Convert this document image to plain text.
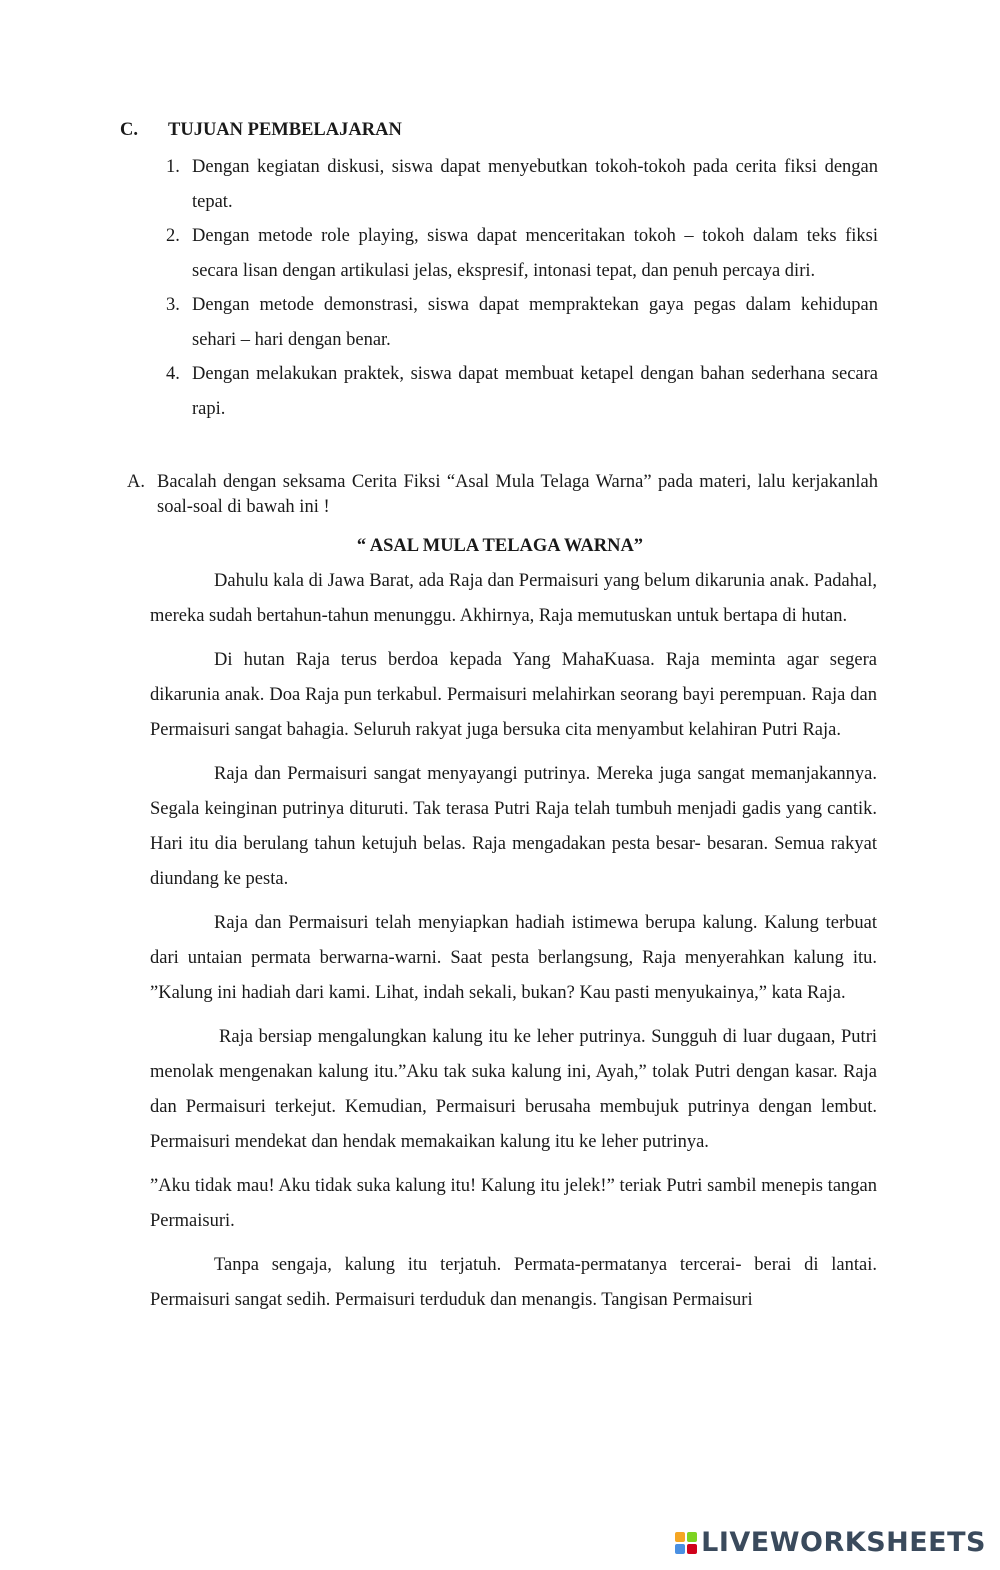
C. TUJUAN PEMBELAJARAN
1. Dengan kegiatan diskusi, siswa dapat menyebutkan tokoh-tokoh pada cerita fiksi dengan tepat.
2. Dengan metode role playing, siswa dapat menceritakan tokoh – tokoh dalam teks fiksi secara lisan dengan artikulasi jelas, ekspresif, intonasi tepat, dan penuh percaya diri.
3. Dengan metode demonstrasi, siswa dapat mempraktekan gaya pegas dalam kehidupan sehari – hari dengan benar.
4. Dengan melakukan praktek, siswa dapat membuat ketapel dengan bahan sederhana secara rapi.
A. Bacalah dengan seksama Cerita Fiksi “Asal Mula Telaga Warna” pada materi, lalu kerjakanlah soal-soal di bawah ini !
“ ASAL MULA TELAGA WARNA”

Dahulu kala di Jawa Barat, ada Raja dan Permaisuri yang belum dikarunia anak. Padahal, mereka sudah bertahun-tahun menunggu. Akhirnya, Raja memutuskan untuk bertapa di hutan.

Di hutan Raja terus berdoa kepada Yang MahaKuasa. Raja meminta agar segera dikarunia anak. Doa Raja pun terkabul. Permaisuri melahirkan seorang bayi perempuan. Raja dan Permaisuri sangat bahagia. Seluruh rakyat juga bersuka cita menyambut kelahiran Putri Raja.

Raja dan Permaisuri sangat menyayangi putrinya. Mereka juga sangat memanjakannya. Segala keinginan putrinya dituruti. Tak terasa Putri Raja telah tumbuh menjadi gadis yang cantik. Hari itu dia berulang tahun ketujuh belas. Raja mengadakan pesta besar- besaran. Semua rakyat diundang ke pesta.

Raja dan Permaisuri telah menyiapkan hadiah istimewa berupa kalung. Kalung terbuat dari untaian permata berwarna-warni. Saat pesta berlangsung, Raja menyerahkan kalung itu. ”Kalung ini hadiah dari kami. Lihat, indah sekali, bukan? Kau pasti menyukainya,” kata Raja.

Raja bersiap mengalungkan kalung itu ke leher putrinya. Sungguh di luar dugaan, Putri menolak mengenakan kalung itu.”Aku tak suka kalung ini, Ayah,” tolak Putri dengan kasar. Raja dan Permaisuri terkejut. Kemudian, Permaisuri berusaha membujuk putrinya dengan lembut. Permaisuri mendekat dan hendak memakaikan kalung itu ke leher putrinya.

”Aku tidak mau! Aku tidak suka kalung itu! Kalung itu jelek!” teriak Putri sambil menepis tangan Permaisuri.

Tanpa sengaja, kalung itu terjatuh. Permata-permatanya tercerai- berai di lantai. Permaisuri sangat sedih. Permaisuri terduduk dan menangis. Tangisan Permaisuri

LIVEWORKSHEETS
